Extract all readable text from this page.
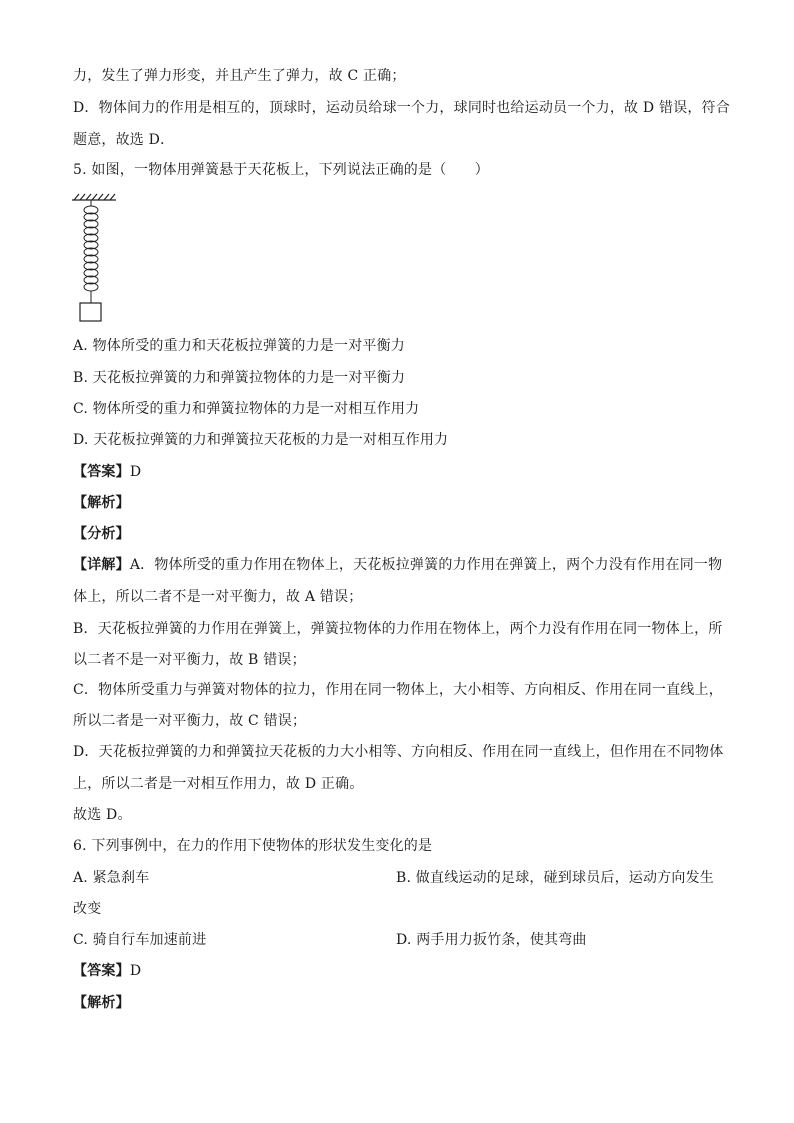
力，发生了弹力形变，并且产生了弹力，故 C 正确；
D．物体间力的作用是相互的，顶球时，运动员给球一个力，球同时也给运动员一个力，故 D 错误，符合
题意，故选 D．
5. 如图，一物体用弹簧悬于天花板上，下列说法正确的是（　　）
A. 物体所受的重力和天花板拉弹簧的力是一对平衡力
B. 天花板拉弹簧的力和弹簧拉物体的力是一对平衡力
C. 物体所受的重力和弹簧拉物体的力是一对相互作用力
D. 天花板拉弹簧的力和弹簧拉天花板的力是一对相互作用力
【答案】D
【解析】
【分析】
【详解】A．物体所受的重力作用在物体上，天花板拉弹簧的力作用在弹簧上，两个力没有作用在同一物
体上，所以二者不是一对平衡力，故 A 错误；
B．天花板拉弹簧的力作用在弹簧上，弹簧拉物体的力作用在物体上，两个力没有作用在同一物体上，所
以二者不是一对平衡力，故 B 错误；
C．物体所受重力与弹簧对物体的拉力，作用在同一物体上，大小相等、方向相反、作用在同一直线上，
所以二者是一对平衡力，故 C 错误；
D．天花板拉弹簧的力和弹簧拉天花板的力大小相等、方向相反、作用在同一直线上，但作用在不同物体
上，所以二者是一对相互作用力，故 D 正确。
故选 D。
6. 下列事例中，在力的作用下使物体的形状发生变化的是
A. 紧急刹车	B. 做直线运动的足球，碰到球员后，运动方向发生
改变
C. 骑自行车加速前进	D. 两手用力扳竹条，使其弯曲
【答案】D
【解析】
